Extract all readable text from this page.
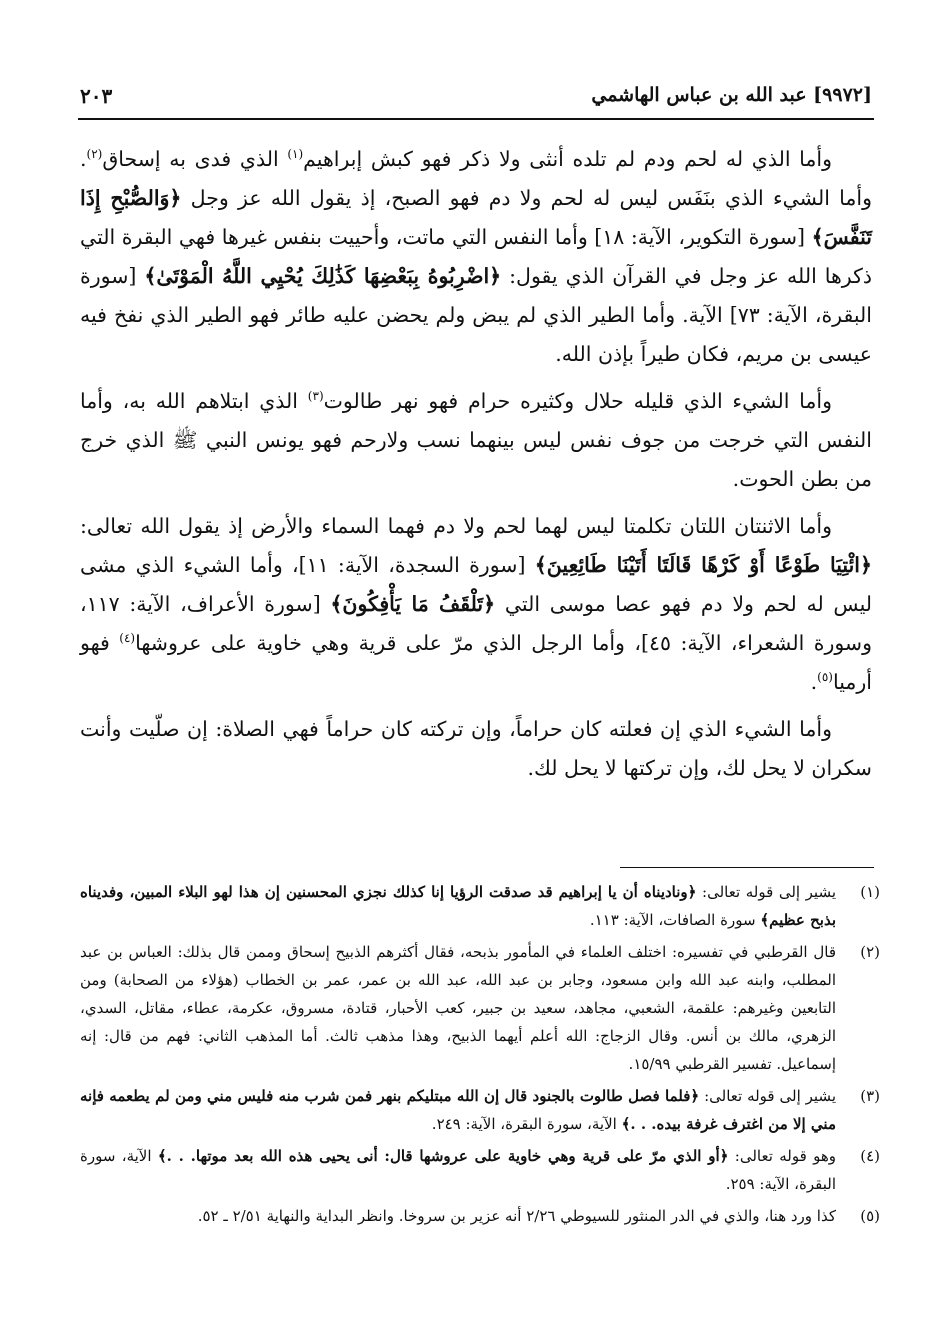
[٩٩٧٢] عبد الله بن عباس الهاشمي
٢٠٣

وأما الذي له لحم ودم لم تلده أنثى ولا ذكر فهو كبش إبراهيم$^{(١)}$ الذي فدى به إسحاق$^{(٢)}$. وأما الشيء الذي بنَفَس ليس له لحم ولا دم فهو الصبح، إذ يقول الله عز وجل ﴿وَالصُّبْحِ إِذَا تَنَفَّسَ﴾ [سورة التكوير، الآية: ١٨] وأما النفس التي ماتت، وأحييت بنفس غيرها فهي البقرة التي ذكرها الله عز وجل في القرآن الذي يقول: ﴿اضْرِبُوهُ بِبَعْضِهَا كَذَٰلِكَ يُحْيِي اللَّهُ الْمَوْتَىٰ﴾ [سورة البقرة، الآية: ٧٣] الآية. وأما الطير الذي لم يبض ولم يحضن عليه طائر فهو الطير الذي نفخ فيه عيسى بن مريم، فكان طيراً بإذن الله.

وأما الشيء الذي قليله حلال وكثيره حرام فهو نهر طالوت$^{(٣)}$ الذي ابتلاهم الله به، وأما النفس التي خرجت من جوف نفس ليس بينهما نسب ولارحم فهو يونس النبي ﷺ الذي خرج من بطن الحوت.

وأما الاثنتان اللتان تكلمتا ليس لهما لحم ولا دم فهما السماء والأرض إذ يقول الله تعالى: ﴿ائْتِيَا طَوْعًا أَوْ كَرْهًا قَالَتَا أَتَيْنَا طَائِعِينَ﴾ [سورة السجدة، الآية: ١١]، وأما الشيء الذي مشى ليس له لحم ولا دم فهو عصا موسى التي ﴿تَلْقَفُ مَا يَأْفِكُونَ﴾ [سورة الأعراف، الآية: ١١٧، وسورة الشعراء، الآية: ٤٥]، وأما الرجل الذي مرّ على قرية وهي خاوية على عروشها$^{(٤)}$ فهو أرميا$^{(٥)}$.

وأما الشيء الذي إن فعلته كان حراماً، وإن تركته كان حراماً فهي الصلاة: إن صلّيت وأنت سكران لا يحل لك، وإن تركتها لا يحل لك.

(١)
يشير إلى قوله تعالى: ﴿وناديناه أن يا إبراهيم قد صدقت الرؤيا إنا كذلك نجزي المحسنين إن هذا لهو البلاء المبين، وفديناه بذبح عظيم﴾ سورة الصافات، الآية: ١١٣.
(٢)
قال القرطبي في تفسيره: اختلف العلماء في المأمور بذبحه، فقال أكثرهم الذبيح إسحاق وممن قال بذلك: العباس بن عبد المطلب، وابنه عبد الله وابن مسعود، وجابر بن عبد الله، عبد الله بن عمر، عمر بن الخطاب (هؤلاء من الصحابة) ومن التابعين وغيرهم: علقمة، الشعبي، مجاهد، سعيد بن جبير، كعب الأحبار، قتادة، مسروق، عكرمة، عطاء، مقاتل، السدي، الزهري، مالك بن أنس. وقال الزجاج: الله أعلم أيهما الذبيح، وهذا مذهب ثالث. أما المذهب الثاني: فهم من قال: إنه إسماعيل. تفسير القرطبي ١٥/٩٩.
(٣)
يشير إلى قوله تعالى: ﴿فلما فصل طالوت بالجنود قال إن الله مبتليكم بنهر فمن شرب منه فليس مني ومن لم يطعمه فإنه مني إلا من اغترف غرفة بيده. . .﴾ الآية، سورة البقرة، الآية: ٢٤٩.
(٤)
وهو قوله تعالى: ﴿أو الذي مرّ على قرية وهي خاوية على عروشها قال: أنى يحيى هذه الله بعد موتها. . .﴾ الآية، سورة البقرة، الآية: ٢٥٩.
(٥)
كذا ورد هنا، والذي في الدر المنثور للسيوطي ٢/٢٦ أنه عزير بن سروخا. وانظر البداية والنهاية ٢/٥١ ـ ٥٢.
